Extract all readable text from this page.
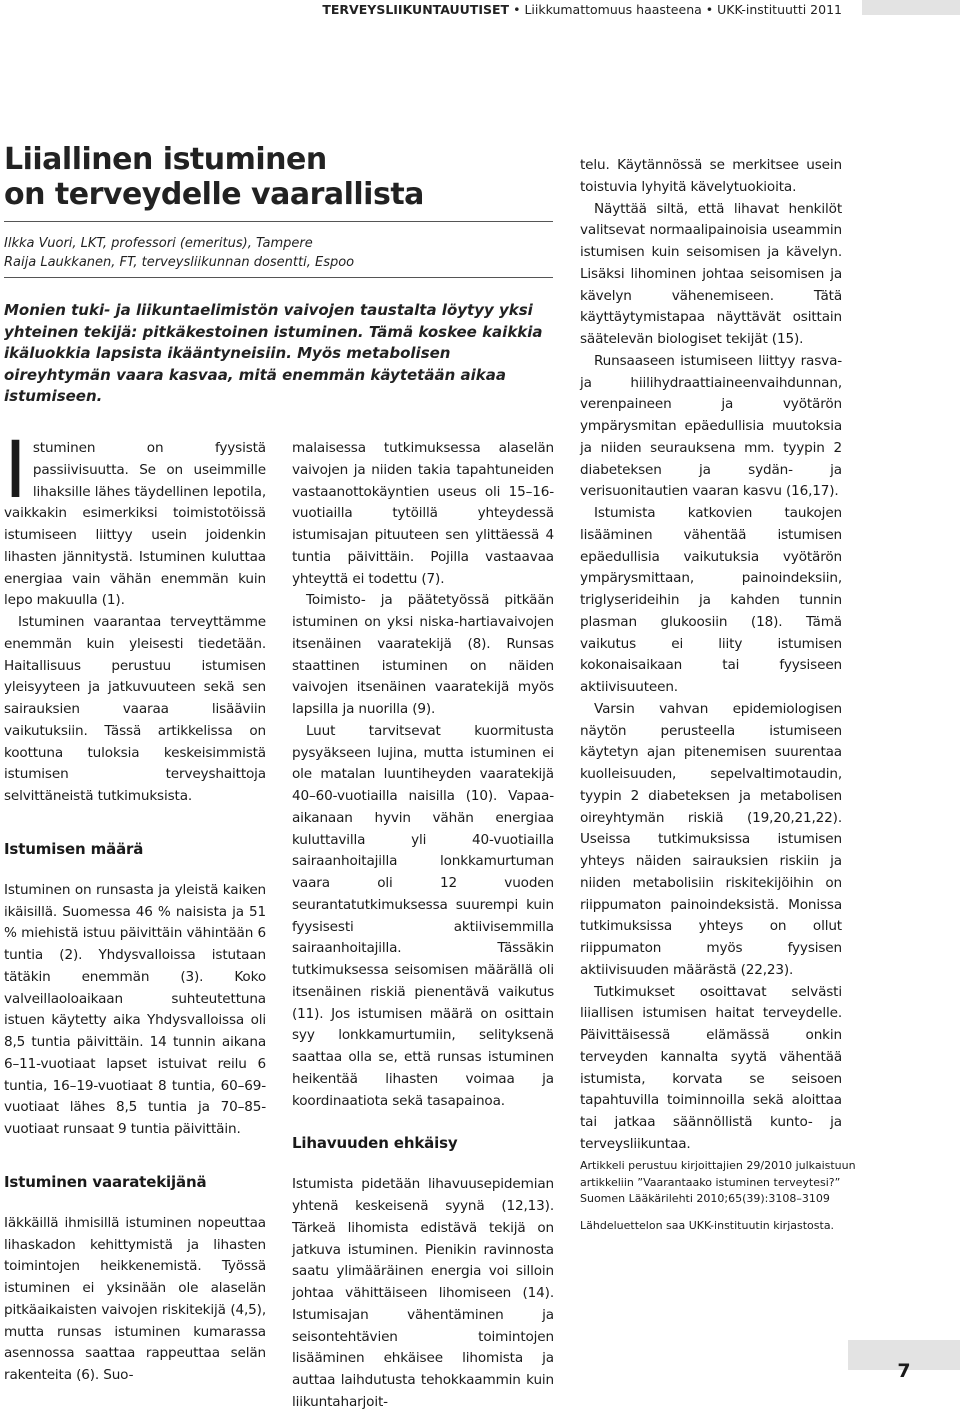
TERVEYSLIIKUNTAUUTISET • Liikkumattomuus haasteena • UKK-instituutti 2011
Liiallinen istuminen
on terveydelle vaarallista
Ilkka Vuori, LKT, professori (emeritus), Tampere
Raija Laukkanen, FT, terveysliikunnan dosentti, Espoo
Monien tuki- ja liikuntaelimistön vaivojen taustalta löytyy yksi yhteinen tekijä: pitkäkestoinen istuminen. Tämä koskee kaikkia ikäluokkia lapsista ikääntyneisiin. Myös metabolisen oireyhtymän vaara kasvaa, mitä enemmän käytetään aikaa istumiseen.

Istuminen on fyysistä passiivisuutta. Se on useimmille lihaksille lähes täydellinen lepotila, vaikkakin esimerkiksi toimistotöissä istumiseen liittyy usein joidenkin lihasten jännitystä. Istuminen kuluttaa energiaa vain vähän enemmän kuin lepo makuulla (1).

Istuminen vaarantaa terveyttämme enemmän kuin yleisesti tiedetään. Haitallisuus perustuu istumisen yleisyyteen ja jatkuvuuteen sekä sen sairauksien vaaraa lisääviin vaikutuksiin. Tässä artikkelissa on koottuna tuloksia keskeisimmistä istumisen terveyshaittoja selvittäneistä tutkimuksista.

Istumisen määrä

Istuminen on runsasta ja yleistä kaiken ikäisillä. Suomessa 46 % naisista ja 51 % miehistä istuu päivittäin vähintään 6 tuntia (2). Yhdysvalloissa istutaan tätäkin enemmän (3). Koko valveillaoloaikaan suhteutettuna istuen käytetty aika Yhdysvalloissa oli 8,5 tuntia päivittäin. 14 tunnin aikana 6–11-vuotiaat lapset istuivat reilu 6 tuntia, 16–19-vuotiaat 8 tuntia, 60–69-vuotiaat lähes 8,5 tuntia ja 70–85-vuotiaat runsaat 9 tuntia päivittäin.

Istuminen vaaratekijänä

Iäkkäillä ihmisillä istuminen nopeuttaa lihaskadon kehittymistä ja lihasten toimintojen heikkenemistä. Työssä istuminen ei yksinään ole alaselän pitkäaikaisten vaivojen riskitekijä (4,5), mutta runsas istuminen kumarassa asennossa saattaa rappeuttaa selän rakenteita (6). Suo-

malaisessa tutkimuksessa alaselän vaivojen ja niiden takia tapahtuneiden vastaanottokäyntien useus oli 15–16-vuotiailla tytöillä yhteydessä istumisajan pituuteen sen ylittäessä 4 tuntia päivittäin. Pojilla vastaavaa yhteyttä ei todettu (7).

Toimisto- ja päätetyössä pitkään istuminen on yksi niska-hartiavaivojen itsenäinen vaaratekijä (8). Runsas staattinen istuminen on näiden vaivojen itsenäinen vaaratekijä myös lapsilla ja nuorilla (9).

Luut tarvitsevat kuormitusta pysyäkseen lujina, mutta istuminen ei ole matalan luuntiheyden vaaratekijä 40–60-vuotiailla naisilla (10). Vapaa-aikanaan hyvin vähän energiaa kuluttavilla yli 40-vuotiailla sairaanhoitajilla lonkkamurtuman vaara oli 12 vuoden seurantatutkimuksessa suurempi kuin fyysisesti aktiivisemmilla sairaanhoitajilla. Tässäkin tutkimuksessa seisomisen määrällä oli itsenäinen riskiä pienentävä vaikutus (11). Jos istumisen määrä on osittain syy lonkkamurtumiin, selityksenä saattaa olla se, että runsas istuminen heikentää lihasten voimaa ja koordinaatiota sekä tasapainoa.

Lihavuuden ehkäisy

Istumista pidetään lihavuusepidemian yhtenä keskeisenä syynä (12,13). Tärkeä lihomista edistävä tekijä on jatkuva istuminen. Pienikin ravinnosta saatu ylimääräinen energia voi silloin johtaa vähittäiseen lihomiseen (14). Istumisajan vähentäminen ja seisontehtävien toimintojen lisääminen ehkäisee lihomista ja auttaa laihdutusta tehokkaammin kuin liikuntaharjoit-

telu. Käytännössä se merkitsee usein toistuvia lyhyitä kävelytuokioita.

Näyttää siltä, että lihavat henkilöt valitsevat normaalipainoisia useammin istumisen kuin seisomisen ja kävelyn. Lisäksi lihominen johtaa seisomisen ja kävelyn vähenemiseen. Tätä käyttäytymistapaa näyttävät osittain säätelevän biologiset tekijät (15).

Runsaaseen istumiseen liittyy rasva- ja hiilihydraattiaineenvaihdunnan, verenpaineen ja vyötärön ympärysmitan epäedullisia muutoksia ja niiden seurauksena mm. tyypin 2 diabeteksen ja sydän- ja verisuonitautien vaaran kasvu (16,17).

Istumista katkovien taukojen lisääminen vähentää istumisen epäedullisia vaikutuksia vyötärön ympärysmittaan, painoindeksiin, triglyserideihin ja kahden tunnin plasman glukoosiin (18). Tämä vaikutus ei liity istumisen kokonaisaikaan tai fyysiseen aktiivisuuteen.

Varsin vahvan epidemiologisen näytön perusteella istumiseen käytetyn ajan pitenemisen suurentaa kuolleisuuden, sepelvaltimotaudin, tyypin 2 diabeteksen ja metabolisen oireyhtymän riskiä (19,20,21,22). Useissa tutkimuksissa istumisen yhteys näiden sairauksien riskiin ja niiden metabolisiin riskitekijöihin on riippumaton painoindeksistä. Monissa tutkimuksissa yhteys on ollut riippumaton myös fyysisen aktiivisuuden määrästä (22,23).

Tutkimukset osoittavat selvästi liiallisen istumisen haitat terveydelle. Päivittäisessä elämässä onkin terveyden kannalta syytä vähentää istumista, korvata se seisoen tapahtuvilla toiminnoilla sekä aloittaa tai jatkaa säännöllistä kunto- ja terveysliikuntaa.

Artikkeli perustuu kirjoittajien 29/2010 julkaistuun artikkeliin ”Vaarantaako istuminen terveytesi?” Suomen Lääkärilehti 2010;65(39):3108–3109

Lähdeluettelon saa UKK-instituutin kirjastosta.

7
